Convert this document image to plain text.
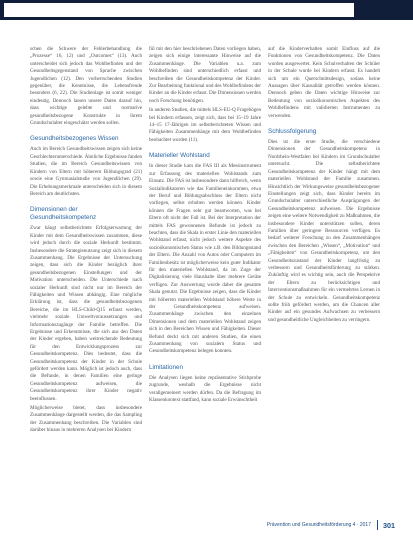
schen die Schwere der Fehlerbehandlung die „Prozesse“ 16, 12) und „Outcomes“ (13). Auch unterscheidet sich jedoch das Wohlbefinden und der Gesundheitsgegenstand von Sprache zwischen Jugendlichen (12). Den vorherrschenden Studien gegenüber, die Kenntnisse, die Lebensfreude besonders (6, 22). Die Studienlage ist somit weniger eindeutig. Dennoch lassen unsere Daten darauf hin, dass wichtige gelebte und normative gesundheitsbezogene Konstrukte in ihrem Grundschulalter eingeschätzt werden sollen.

Gesundheitsbezogenes Wissen

Auch im Bereich Gesundheitswissen zeigen sich keine Geschlechterunterschiede. Ähnliche Ergebnisse fanden Studien, die im Bereich Gesundheitswissen von Kindern von Eltern mit höherem Bildungsgrad (21) sowie eine Gymnasialstudie von Jugendlichen (29). Die Erhebungsmerkmale unterscheiden sich in diesem Bereich am deutlichsten.

Dimensionen der Gesundheitskompetenz

Zwar hängt selbstberichtete Erfolgserwartung der Kinder mit dem Gesundheitswissen zusammen, diese wird jedoch durch die soziale Herkunft bestimmt. Insbesondere die Strategienutzung zeigt sich in diesem Zusammenhang. Die Ergebnisse der Untersuchung zeigen, dass sich die Kinder bezüglich ihrer gesundheitsbezogenen Einstellungen und der Motivation unterscheiden. Die Unterschiede nach sozialer Herkunft sind nicht nur im Bereich der Fähigkeiten und Wissen abhängig. Eine mögliche Erklärung ist, dass die gesundheitsbezogenen Bereiche, die im HLS-Child-Q15 erfasst werden, vielmehr soziale Umweltvoraussetzungen und Informationszugänge der Familie betreffen. Die Ergebnisse und Erkenntnisse, die sich aus den Daten der Kinder ergeben, haben weitreichende Bedeutung für den Entwicklungsprozess zur Gesundheitskompetenz. Dies bedeutet, dass die Gesundheitskompetenz der Kinder in der Schule gefördert werden kann. Möglich ist jedoch auch, dass die Befunde, in denen Familien eine geringe Gesundheitskompetenz aufweisen, die Gesundheitskompetenz ihrer Kinder negativ beeinflussen.

Möglicherweise bietet, dass insbesondere Zusammenhänge dargestellt werden, die das Sampling der Zusammenhang beschreiben. Die Variablen sind darüber hinaus in mehreren Analysen bei Kindern

fül mit den hier beschriebenen Daten vorliegen haben, zeigen sich einige interessante Hinweise auf die Zusammenhänge. Die Variablen u.a. zum Wohlbefinden sind unterschiedlich erfasst und beschreiben die Gesundheitskompetenz der Kinder. Zur Bearbeitung funktional und des Wohlbefindens der Kinder an die Kinder erfasst. Die Dimensionen werden noch Forschung benötigen.

In anderen Studien, die mittels HLS-EU-Q Fragebögen bei Kindern erfassen, zeigt sich, dass bei 15–19 Jahre 14–15 17-Jährigen im selbstberichteten Wissen und Fähigkeiten Zusammenhänge mit dem Wohlbefinden beobachtet wurden (11).

Materieller Wohlstand

In dieser Studie kam die FAS III als Messinstrument zur Erfassung des materiellen Wohlstands zum Einsatz. Die FAS ist insbesondere dann hilfreich, wenn Sozialindikatoren wie das Familieneinkommen, etwa der Beruf und Bildungsabschluss der Eltern nicht vorliegen, selbst erhoben werden können. Kinder können die Fragen sehr gut beantworten, was bei Eltern oft nicht der Fall ist. Bei der Interpretation der mittels FAS gewonnenen Befunde ist jedoch zu beachten, dass die Skala in erster Linie den materiellen Wohlstand erfasst, nicht jedoch weitere Aspekte des sozioökonomischen Status wie z.B. den Bildungsstand der Eltern. Die Anzahl von Autos oder Computern im Familienbesitz ist möglicherweise kein guter Indikator für den materiellen Wohlstand, da im Zuge der Digitalisierung viele Haushalte über mehrere Geräte verfügen. Zur Auswertung wurde daher die gesamte Skala genutzt. Die Ergebnisse zeigen, dass die Kinder mit höherem materiellen Wohlstand höhere Werte in der Gesundheitskompetenz aufweisen. Zusammenhänge zwischen den einzelnen Dimensionen und dem materiellen Wohlstand zeigen sich in den Bereichen Wissen und Fähigkeiten. Dieser Befund deckt sich mit anderen Studien, die einen Zusammenhang von sozialem Status und Gesundheitskompetenz belegen konnten.

Limitationen

Die Analysen liegen keine repräsentative Stichprobe zugrunde, weshalb die Ergebnisse nicht verallgemeinert werden dürfen. Da die Befragung im Klassenkontext stattfand, kann soziale Erwünschtheit

auf die Kinderverhalten somit Einfluss auf die Funktionen von Gesundheitskompetenz. Die Daten wurden ausgewertet. Kein Schulverhalten der Schüler in der Schule wurde bei Kindern erfasst. Es handelt sich um ein Querschnittsdesign, sodass keine Aussagen über Kausalität getroffen werden können. Dennoch geben die Daten wichtige Hinweise zur Bedeutung von sozioökonomischen Aspekten des Wohlbefindens mit validierten Instrumenten zu verwenden.

Schlussfolgerung

Dies ist die erste Studie, die verschiedene Dimensionen der Gesundheitskompetenz in Nordrhein-Westfalen bei Kindern im Grundschulalter untersucht. Die selbstberichtete Gesundheitskompetenz der Kinder hängt mit dem materiellen Wohlstand der Familie zusammen. Hinsichtlich der Wirkungsweise gesundheitsbezogener Einstellungen zeigt sich, dass Kinder bereits im Grundschulalter unterschiedliche Ausprägungen der Gesundheitskompetenz aufweisen. Die Ergebnisse zeigen eine weitere Notwendigkeit zu Maßnahmen, die insbesondere Kinder unterstützen sollen, deren Familien über geringere Ressourcen verfügen. Es bedarf weiterer Forschung zu den Zusammenhängen zwischen den Bereichen „Wissen“, „Motivation“ und „Fähigkeiten“ von Gesundheitskompetenz, um den Gesundheitszustand der Kinder langfristig zu verbessern und Gesundheitsförderung zu stärken. Zukünftig wird es wichtig sein, auch die Perspektive der Eltern zu berücksichtigen und Interventionsmaßnahmen für ein vermehrtes Lernen in der Schule zu entwickeln. Gesundheitskompetenz sollte früh gefördert werden, um die Chancen aller Kinder auf ein gesundes Aufwachsen zu verbessern und gesundheitliche Ungleichheiten zu verringern.

Prävention und Gesundheitsförderung 4 · 2017 301
